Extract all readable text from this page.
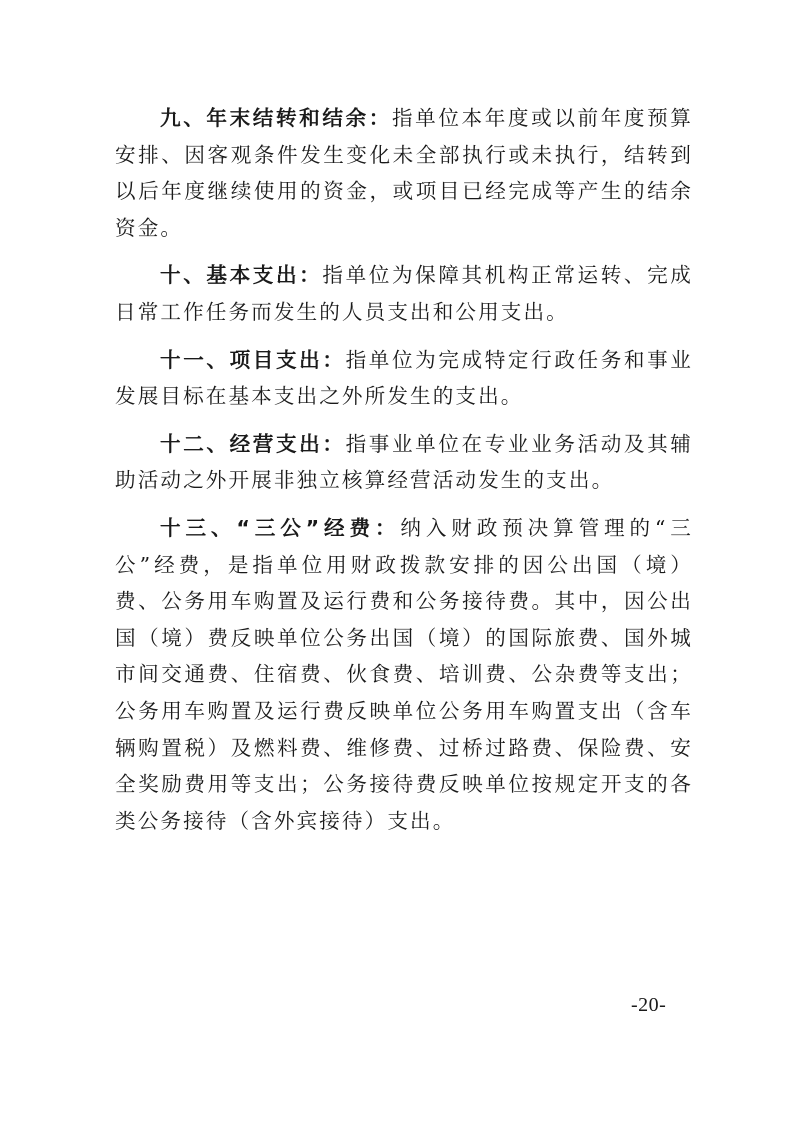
九、年末结转和结余：指单位本年度或以前年度预算安排、因客观条件发生变化未全部执行或未执行，结转到以后年度继续使用的资金，或项目已经完成等产生的结余资金。

十、基本支出：指单位为保障其机构正常运转、完成日常工作任务而发生的人员支出和公用支出。

十一、项目支出：指单位为完成特定行政任务和事业发展目标在基本支出之外所发生的支出。

十二、经营支出：指事业单位在专业业务活动及其辅助活动之外开展非独立核算经营活动发生的支出。

十三、“三公”经费：纳入财政预决算管理的“三公”经费，是指单位用财政拨款安排的因公出国（境）费、公务用车购置及运行费和公务接待费。其中，因公出国（境）费反映单位公务出国（境）的国际旅费、国外城市间交通费、住宿费、伙食费、培训费、公杂费等支出；公务用车购置及运行费反映单位公务用车购置支出（含车辆购置税）及燃料费、维修费、过桥过路费、保险费、安全奖励费用等支出；公务接待费反映单位按规定开支的各类公务接待（含外宾接待）支出。

-20-
